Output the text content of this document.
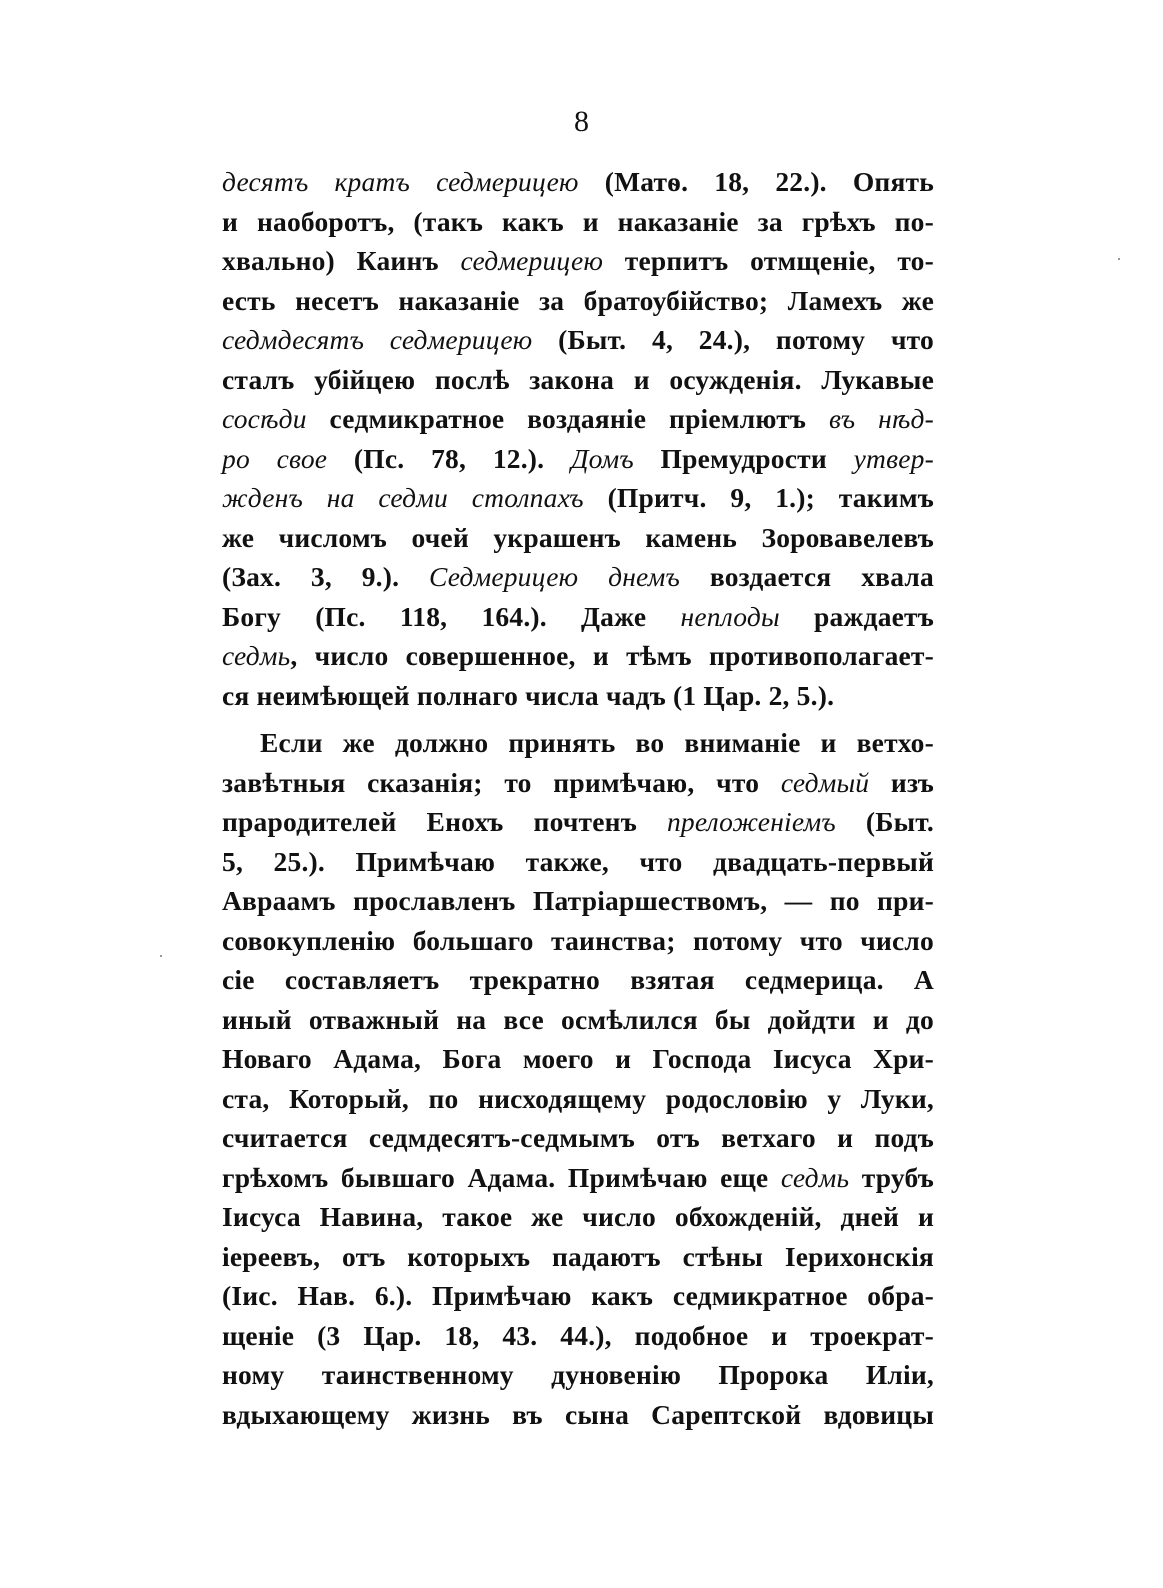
8
десятъ кратъ седмерицею (Матѳ. 18, 22.). Опять
и наоборотъ, (такъ какъ и наказанiе за грѣхъ по-
хвально) Каинъ седмерицею терпитъ отмщенiе, то-
есть несетъ наказанiе за братоубiйство; Ламехъ же
седмдесятъ седмерицею (Быт. 4, 24.), потому что
сталъ убiйцею послѣ закона и осужденiя. Лукавые
сосѣди седмикратное воздаянiе прiемлютъ въ нѣд-
ро свое (Пс. 78, 12.). Домъ Премудрости утвер-
жденъ на седми столпахъ (Притч. 9, 1.); такимъ
же числомъ очей украшенъ камень Зоровавелевъ
(Зах. 3, 9.). Седмерицею днемъ воздается хвала
Богу (Пс. 118, 164.). Даже неплоды раждаетъ
седмь, число совершенное, и тѣмъ противополагает-
ся неимѣющей полнаго числа чадъ (1 Цар. 2, 5.).
Если же должно принять во вниманiе и ветхо-
завѣтныя сказанiя; то примѣчаю, что седмый изъ
прародителей Енохъ почтенъ преложенiемъ (Быт.
5, 25.). Примѣчаю также, что двадцать-первый
Авраамъ прославленъ Патрiаршествомъ, — по при-
совокупленiю большаго таинства; потому что число
сiе составляетъ трекратно взятая седмерица. А
иный отважный на все осмѣлился бы дойдти и до
Новаго Адама, Бога моего и Господа Iисуса Хри-
ста, Который, по нисходящему родословiю у Луки,
считается седмдесятъ-седмымъ отъ ветхаго и подъ
грѣхомъ бывшаго Адама. Примѣчаю еще седмь трубъ
Iисуса Навина, такое же число обхожденiй, дней и
iереевъ, отъ которыхъ падаютъ стѣны Iерихонскiя
(Iис. Нав. 6.). Примѣчаю какъ седмикратное обра-
щенiе (3 Цар. 18, 43. 44.), подобное и троекрат-
ному таинственному дуновенiю Пророка Илiи,
вдыхающему жизнь въ сына Сарептской вдовицы
